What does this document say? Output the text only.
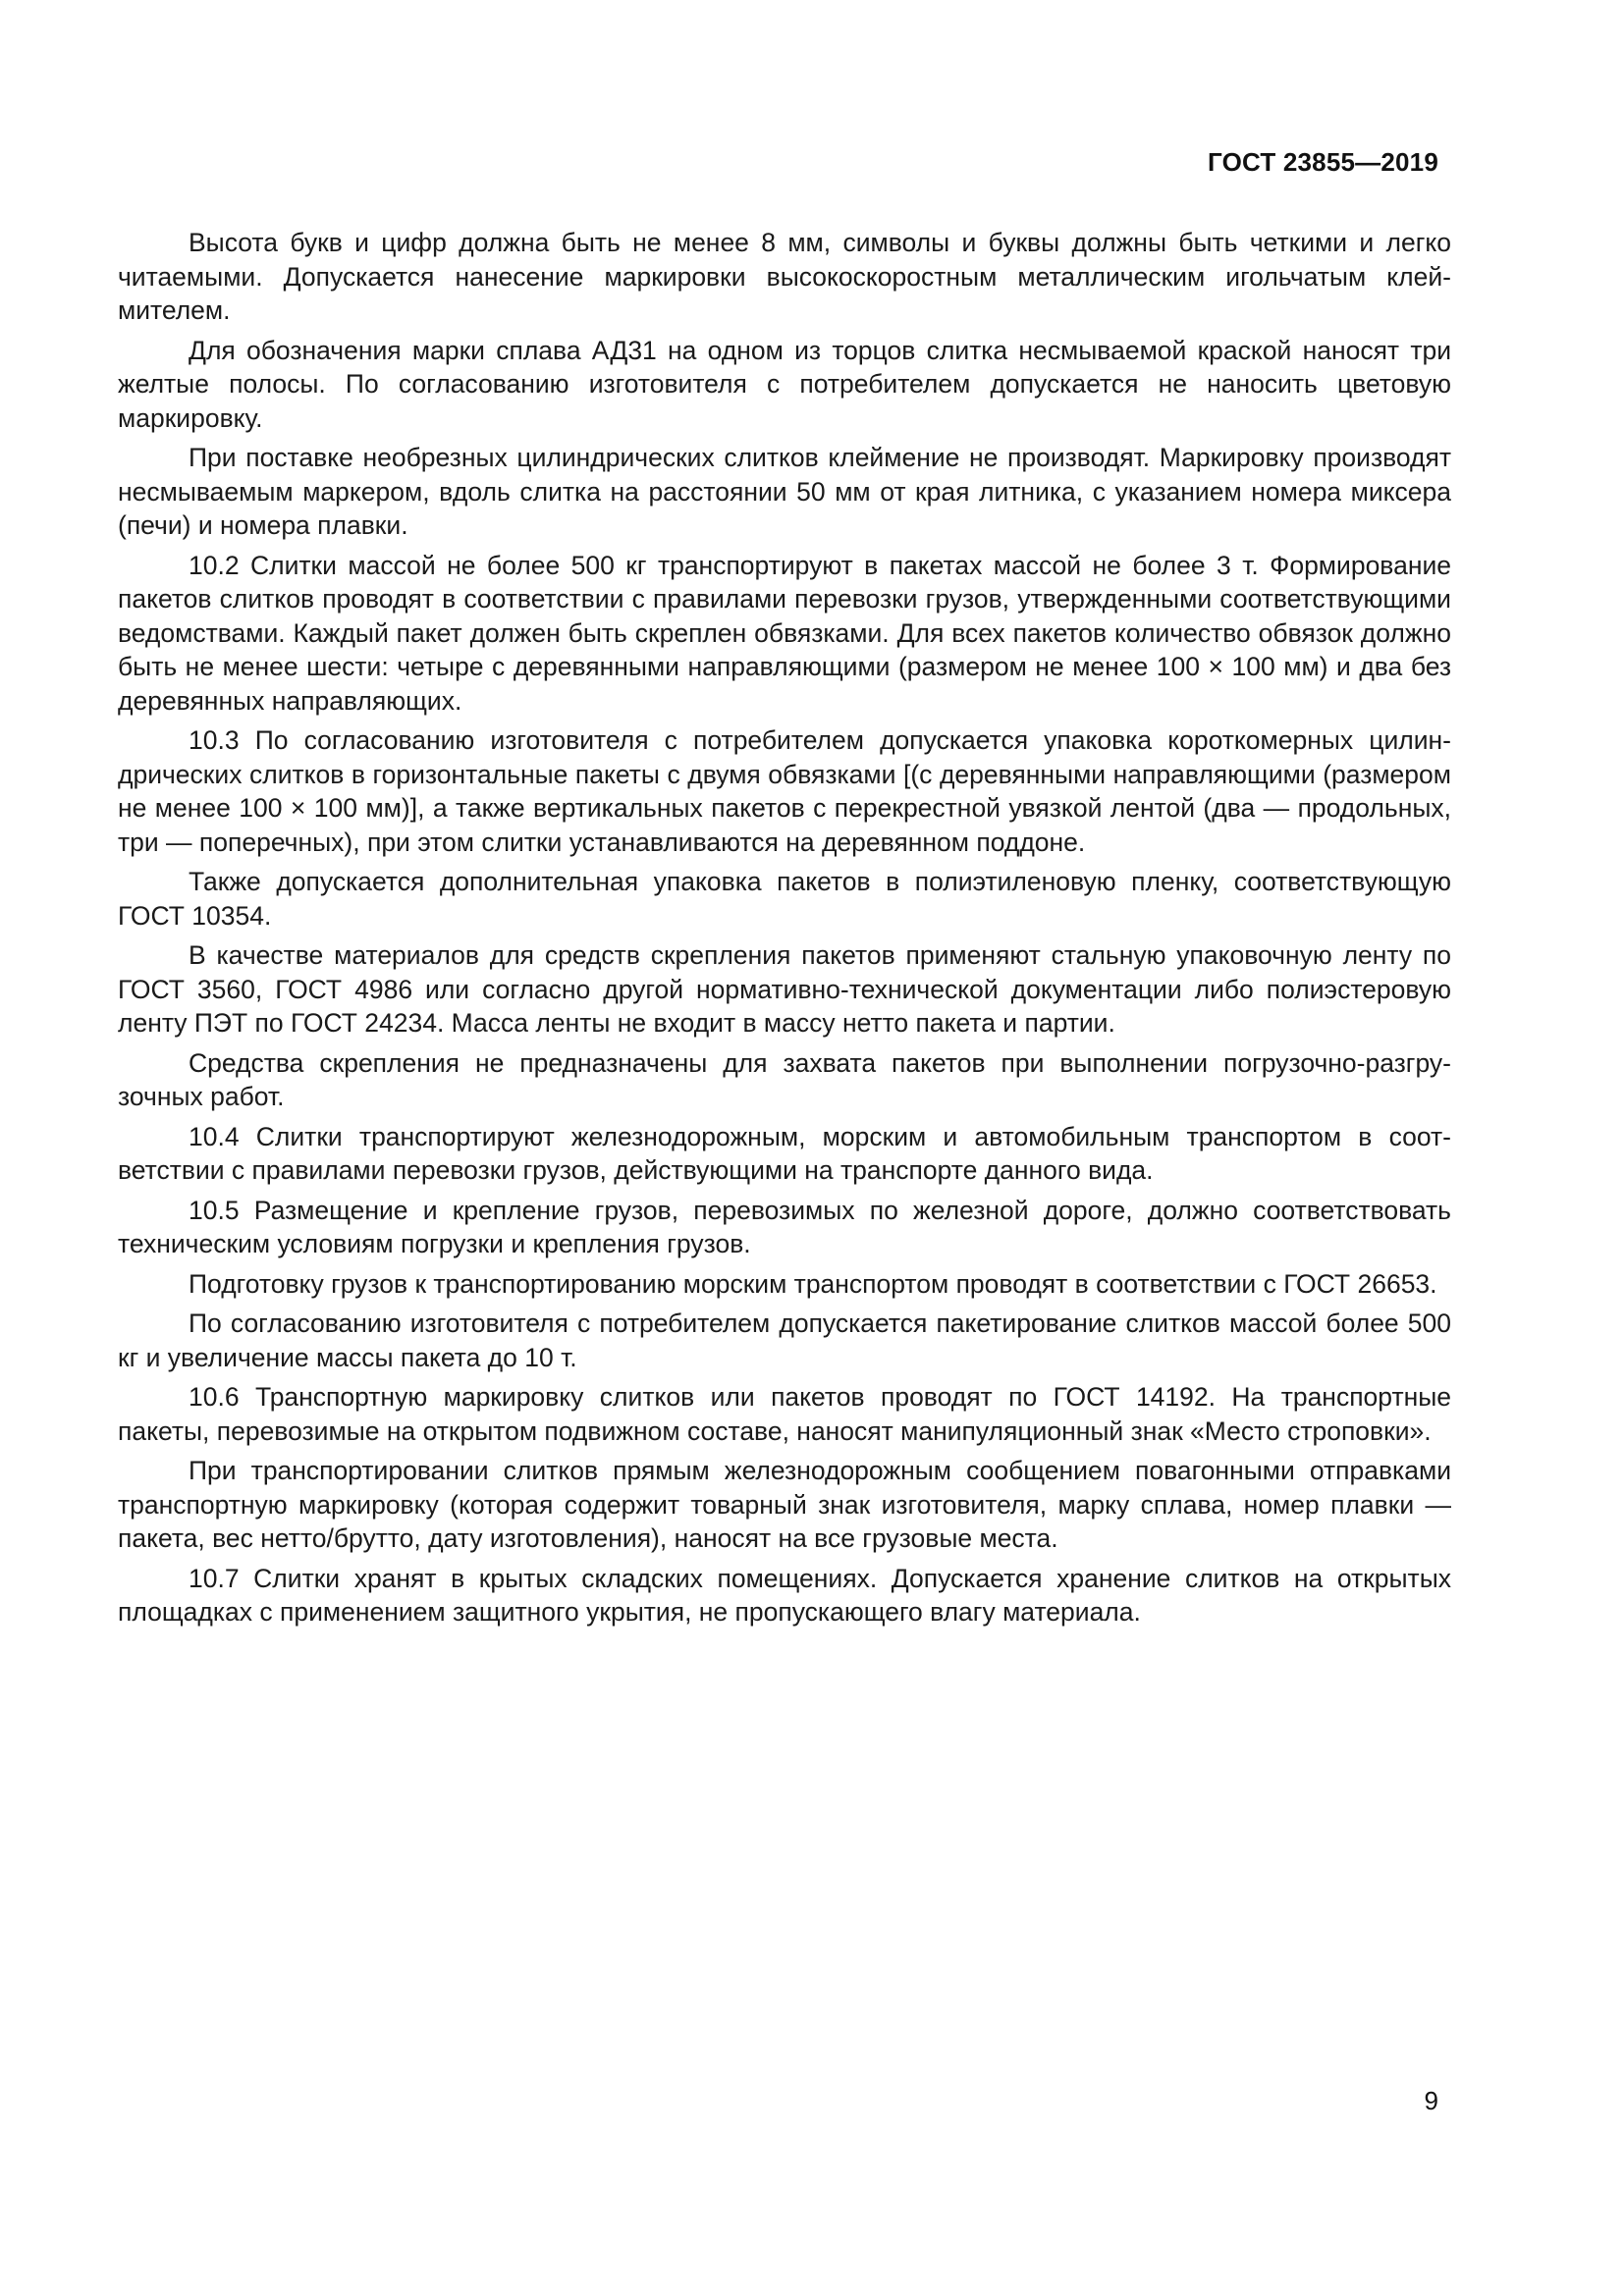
ГОСТ 23855—2019

Высота букв и цифр должна быть не менее 8 мм, символы и буквы должны быть четкими и легко читаемыми. Допускается нанесение маркировки высокоскоростным металлическим игольчатым клеймителем.

Для обозначения марки сплава АД31 на одном из торцов слитка несмываемой краской наносят три желтые полосы. По согласованию изготовителя с потребителем допускается не наносить цветовую маркировку.

При поставке необрезных цилиндрических слитков клеймение не производят. Маркировку производят несмываемым маркером, вдоль слитка на расстоянии 50 мм от края литника, с указанием номера миксера (печи) и номера плавки.

10.2 Слитки массой не более 500 кг транспортируют в пакетах массой не более 3 т. Формирование пакетов слитков проводят в соответствии с правилами перевозки грузов, утвержденными соответствующими ведомствами. Каждый пакет должен быть скреплен обвязками. Для всех пакетов количество обвязок должно быть не менее шести: четыре с деревянными направляющими (размером не менее 100 × 100 мм) и два без деревянных направляющих.

10.3 По согласованию изготовителя с потребителем допускается упаковка короткомерных цилиндрических слитков в горизонтальные пакеты с двумя обвязками [(с деревянными направляющими (размером не менее 100 × 100 мм)], а также вертикальных пакетов с перекрестной увязкой лентой (два — продольных, три — поперечных), при этом слитки устанавливаются на деревянном поддоне.

Также допускается дополнительная упаковка пакетов в полиэтиленовую пленку, соответствующую ГОСТ 10354.

В качестве материалов для средств скрепления пакетов применяют стальную упаковочную ленту по ГОСТ 3560, ГОСТ 4986 или согласно другой нормативно-технической документации либо полиэстеровую ленту ПЭТ по ГОСТ 24234. Масса ленты не входит в массу нетто пакета и партии.

Средства скрепления не предназначены для захвата пакетов при выполнении погрузочно-разгрузочных работ.

10.4 Слитки транспортируют железнодорожным, морским и автомобильным транспортом в соответствии с правилами перевозки грузов, действующими на транспорте данного вида.

10.5 Размещение и крепление грузов, перевозимых по железной дороге, должно соответствовать техническим условиям погрузки и крепления грузов.

Подготовку грузов к транспортированию морским транспортом проводят в соответствии с ГОСТ 26653.

По согласованию изготовителя с потребителем допускается пакетирование слитков массой более 500 кг и увеличение массы пакета до 10 т.

10.6 Транспортную маркировку слитков или пакетов проводят по ГОСТ 14192. На транспортные пакеты, перевозимые на открытом подвижном составе, наносят манипуляционный знак «Место строповки».

При транспортировании слитков прямым железнодорожным сообщением повагонными отправками транспортную маркировку (которая содержит товарный знак изготовителя, марку сплава, номер плавки — пакета, вес нетто/брутто, дату изготовления), наносят на все грузовые места.

10.7 Слитки хранят в крытых складских помещениях. Допускается хранение слитков на открытых площадках с применением защитного укрытия, не пропускающего влагу материала.

9
